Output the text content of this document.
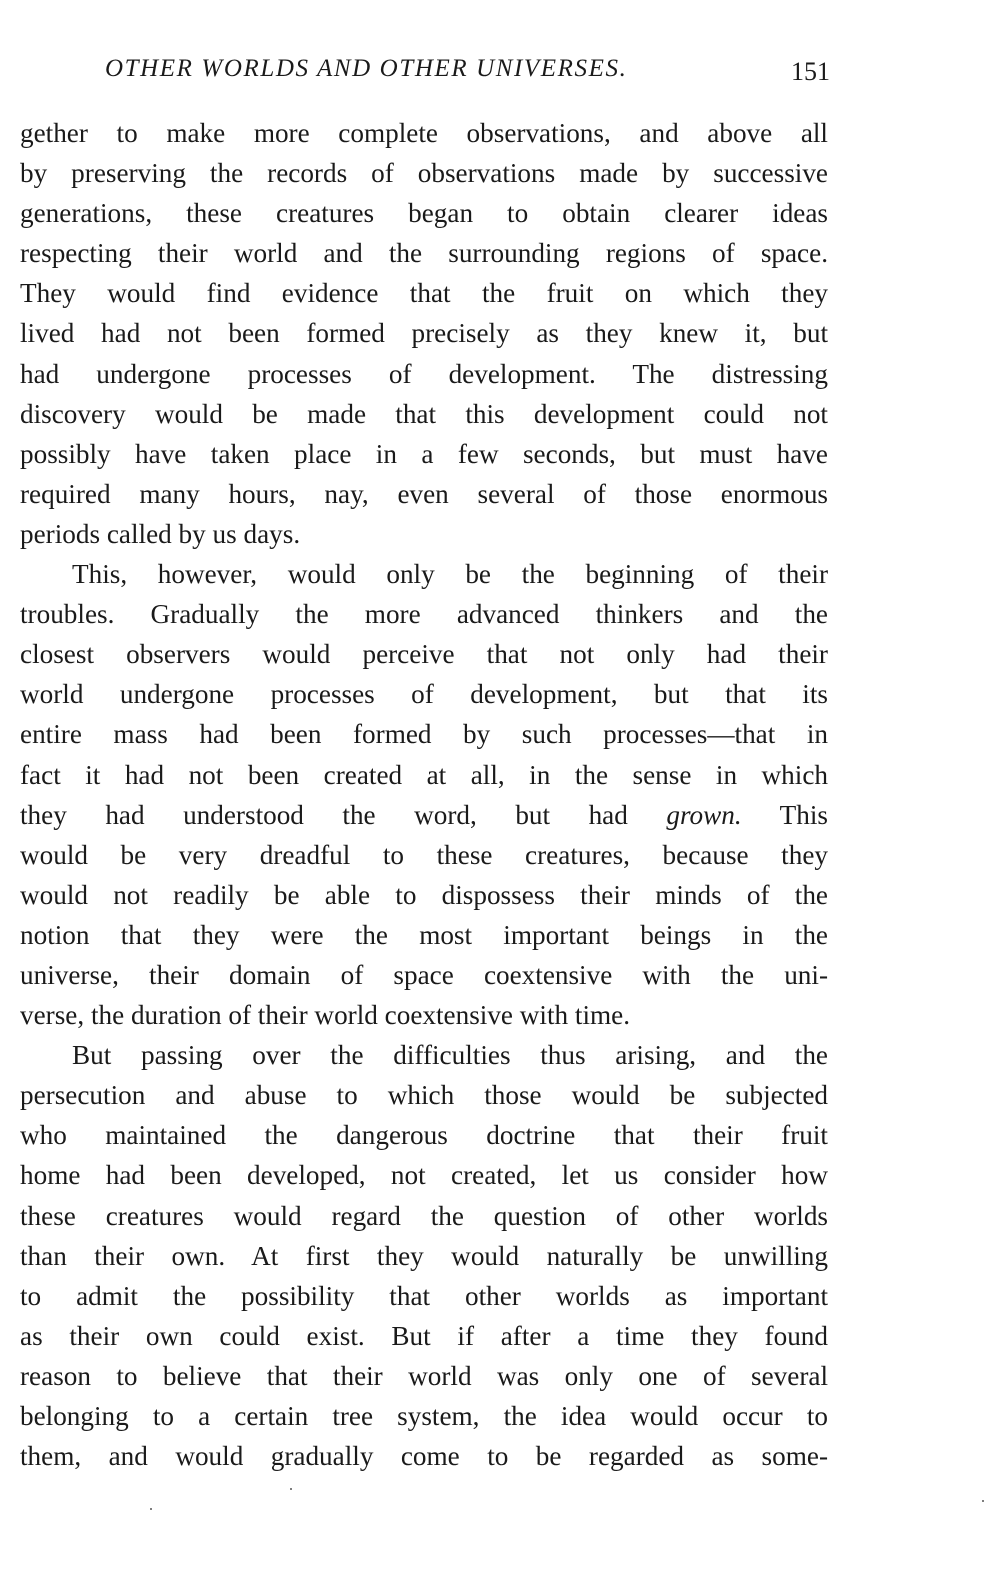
OTHER WORLDS AND OTHER UNIVERSES.	151
gether to make more complete observations, and above all
by preserving the records of observations made by successive
generations, these creatures began to obtain clearer ideas
respecting their world and the surrounding regions of space.
They would find evidence that the fruit on which they
lived had not been formed precisely as they knew it, but
had undergone processes of development. The distressing
discovery would be made that this development could not
possibly have taken place in a few seconds, but must have
required many hours, nay, even several of those enormous
periods called by us days.
This, however, would only be the beginning of their
troubles. Gradually the more advanced thinkers and the
closest observers would perceive that not only had their
world undergone processes of development, but that its
entire mass had been formed by such processes—that in
fact it had not been created at all, in the sense in which
they had understood the word, but had grown. This
would be very dreadful to these creatures, because they
would not readily be able to dispossess their minds of the
notion that they were the most important beings in the
universe, their domain of space coextensive with the uni-
verse, the duration of their world coextensive with time.
But passing over the difficulties thus arising, and the
persecution and abuse to which those would be subjected
who maintained the dangerous doctrine that their fruit
home had been developed, not created, let us consider how
these creatures would regard the question of other worlds
than their own. At first they would naturally be unwilling
to admit the possibility that other worlds as important
as their own could exist. But if after a time they found
reason to believe that their world was only one of several
belonging to a certain tree system, the idea would occur to
them, and would gradually come to be regarded as some-
